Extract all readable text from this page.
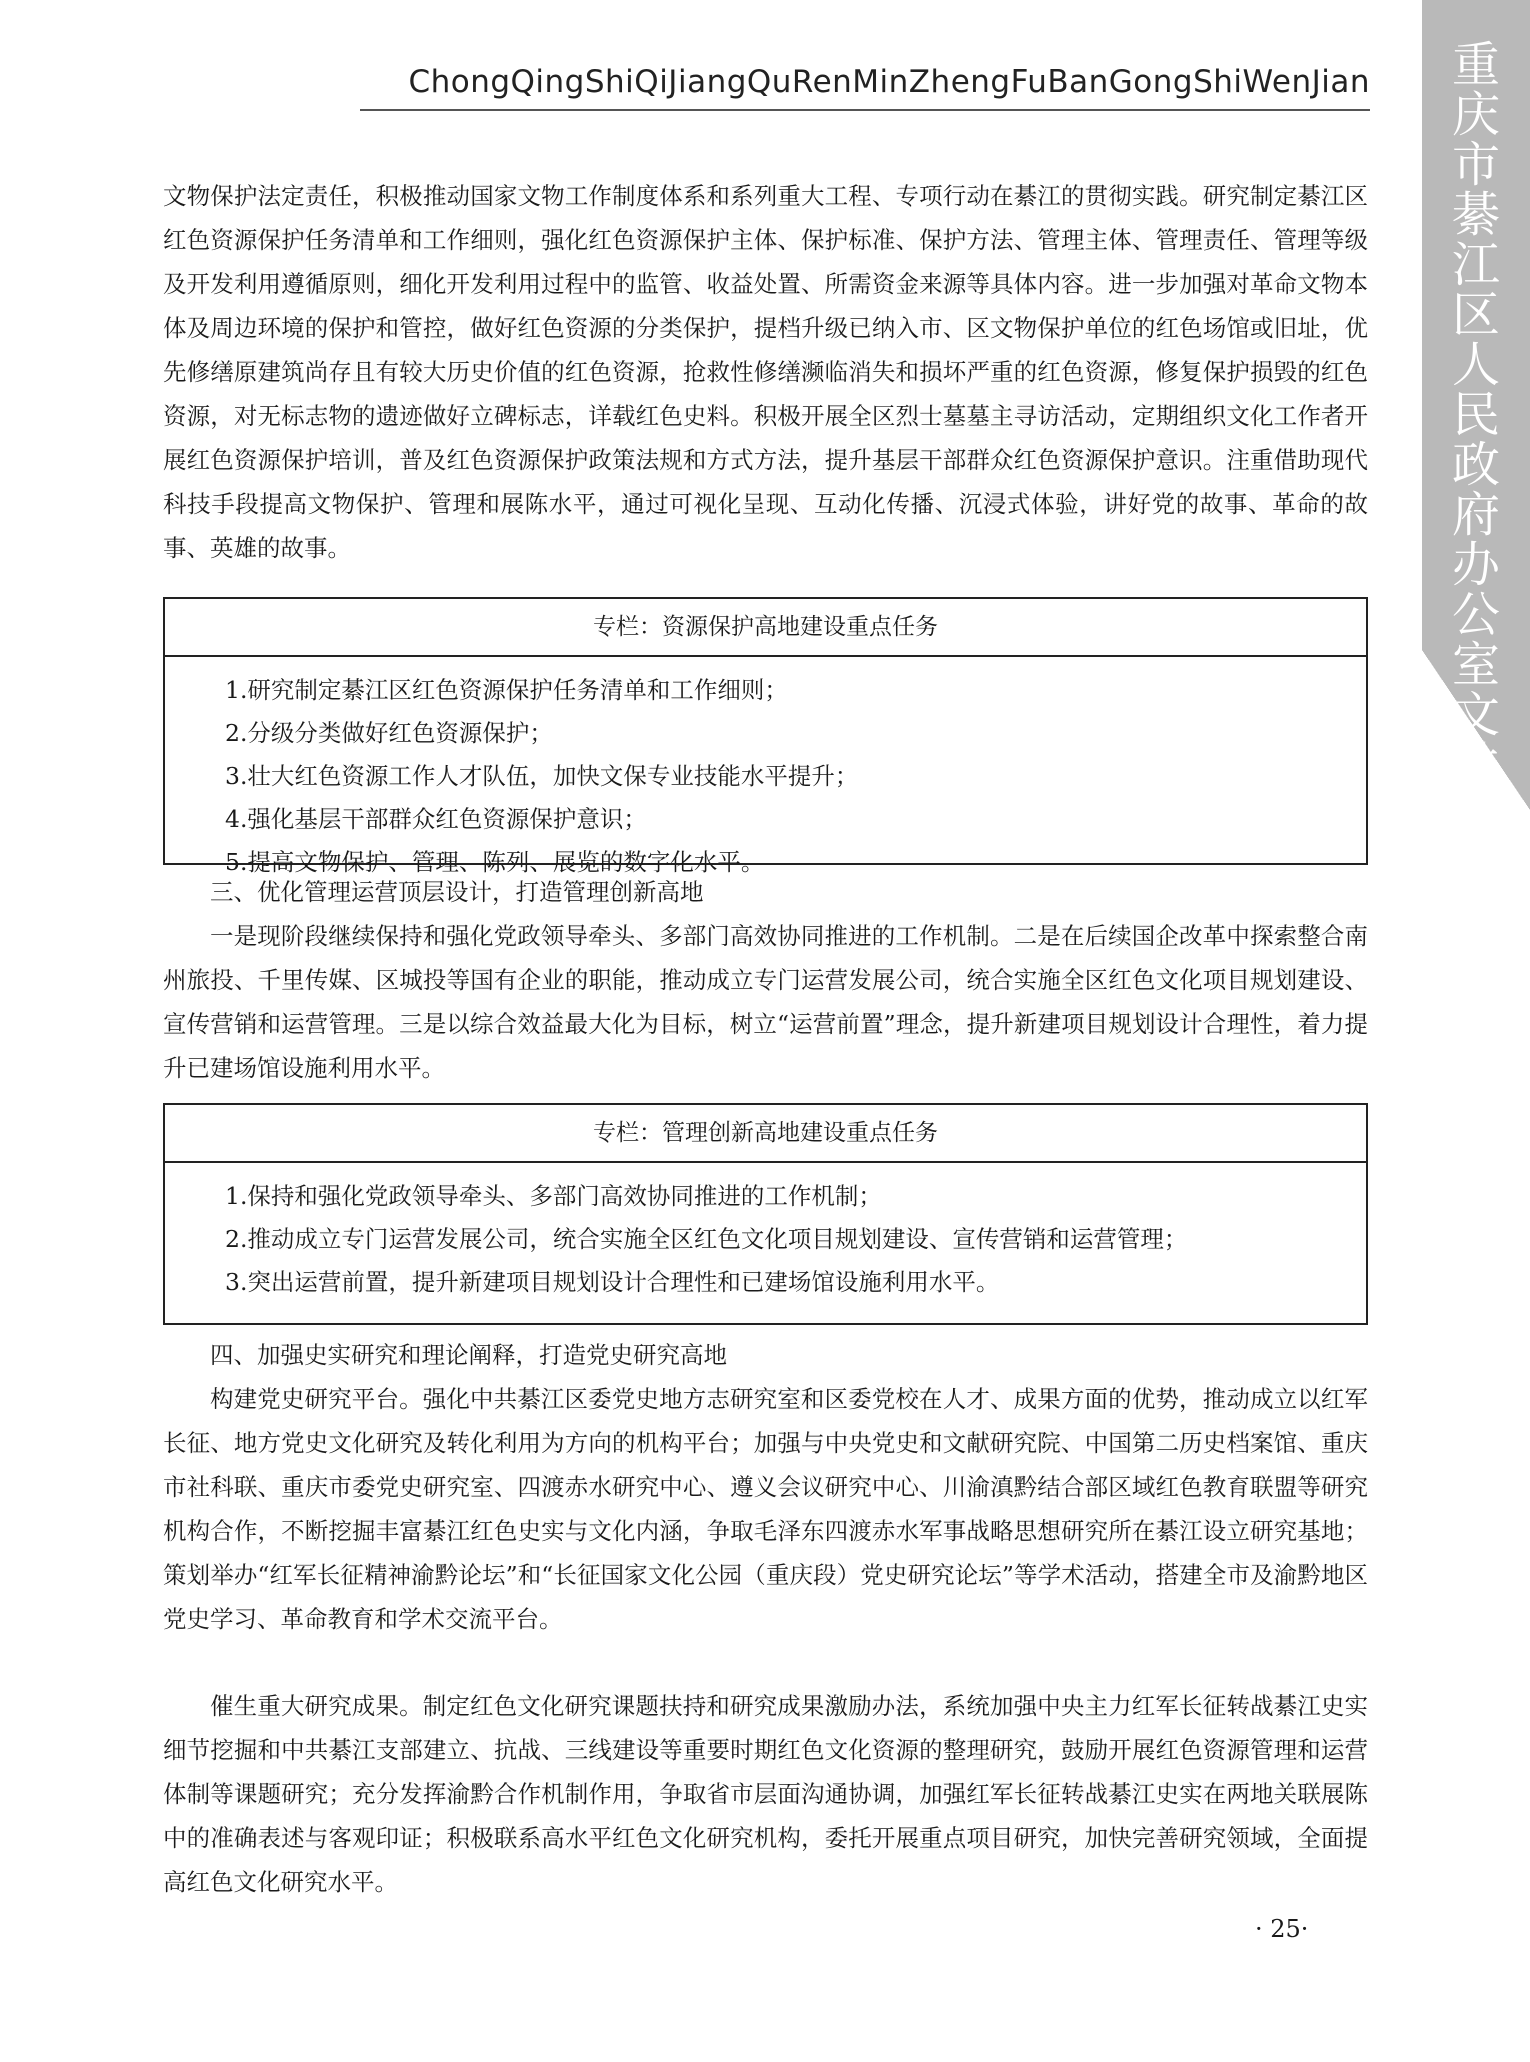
重庆市綦江区人民政府办公室文件
ChongQingShiQiJiangQuRenMinZhengFuBanGongShiWenJian

文物保护法定责任，积极推动国家文物工作制度体系和系列重大工程、专项行动在綦江的贯彻实践。研究制定綦江区红色资源保护任务清单和工作细则，强化红色资源保护主体、保护标准、保护方法、管理主体、管理责任、管理等级及开发利用遵循原则，细化开发利用过程中的监管、收益处置、所需资金来源等具体内容。进一步加强对革命文物本体及周边环境的保护和管控，做好红色资源的分类保护，提档升级已纳入市、区文物保护单位的红色场馆或旧址，优先修缮原建筑尚存且有较大历史价值的红色资源，抢救性修缮濒临消失和损坏严重的红色资源，修复保护损毁的红色资源，对无标志物的遗迹做好立碑标志，详载红色史料。积极开展全区烈士墓墓主寻访活动，定期组织文化工作者开展红色资源保护培训，普及红色资源保护政策法规和方式方法，提升基层干部群众红色资源保护意识。注重借助现代科技手段提高文物保护、管理和展陈水平，通过可视化呈现、互动化传播、沉浸式体验，讲好党的故事、革命的故事、英雄的故事。

专栏：资源保护高地建设重点任务
1.研究制定綦江区红色资源保护任务清单和工作细则；
2.分级分类做好红色资源保护；
3.壮大红色资源工作人才队伍，加快文保专业技能水平提升；
4.强化基层干部群众红色资源保护意识；
5.提高文物保护、管理、陈列、展览的数字化水平。

三、优化管理运营顶层设计，打造管理创新高地

一是现阶段继续保持和强化党政领导牵头、多部门高效协同推进的工作机制。二是在后续国企改革中探索整合南州旅投、千里传媒、区城投等国有企业的职能，推动成立专门运营发展公司，统合实施全区红色文化项目规划建设、宣传营销和运营管理。三是以综合效益最大化为目标，树立“运营前置”理念，提升新建项目规划设计合理性，着力提升已建场馆设施利用水平。

专栏：管理创新高地建设重点任务
1.保持和强化党政领导牵头、多部门高效协同推进的工作机制；
2.推动成立专门运营发展公司，统合实施全区红色文化项目规划建设、宣传营销和运营管理；
3.突出运营前置，提升新建项目规划设计合理性和已建场馆设施利用水平。

四、加强史实研究和理论阐释，打造党史研究高地

构建党史研究平台。强化中共綦江区委党史地方志研究室和区委党校在人才、成果方面的优势，推动成立以红军长征、地方党史文化研究及转化利用为方向的机构平台；加强与中央党史和文献研究院、中国第二历史档案馆、重庆市社科联、重庆市委党史研究室、四渡赤水研究中心、遵义会议研究中心、川渝滇黔结合部区域红色教育联盟等研究机构合作，不断挖掘丰富綦江红色史实与文化内涵，争取毛泽东四渡赤水军事战略思想研究所在綦江设立研究基地；策划举办“红军长征精神渝黔论坛”和“长征国家文化公园（重庆段）党史研究论坛”等学术活动，搭建全市及渝黔地区党史学习、革命教育和学术交流平台。

催生重大研究成果。制定红色文化研究课题扶持和研究成果激励办法，系统加强中央主力红军长征转战綦江史实细节挖掘和中共綦江支部建立、抗战、三线建设等重要时期红色文化资源的整理研究，鼓励开展红色资源管理和运营体制等课题研究；充分发挥渝黔合作机制作用，争取省市层面沟通协调，加强红军长征转战綦江史实在两地关联展陈中的准确表述与客观印证；积极联系高水平红色文化研究机构，委托开展重点项目研究，加快完善研究领域，全面提高红色文化研究水平。

· 25·
